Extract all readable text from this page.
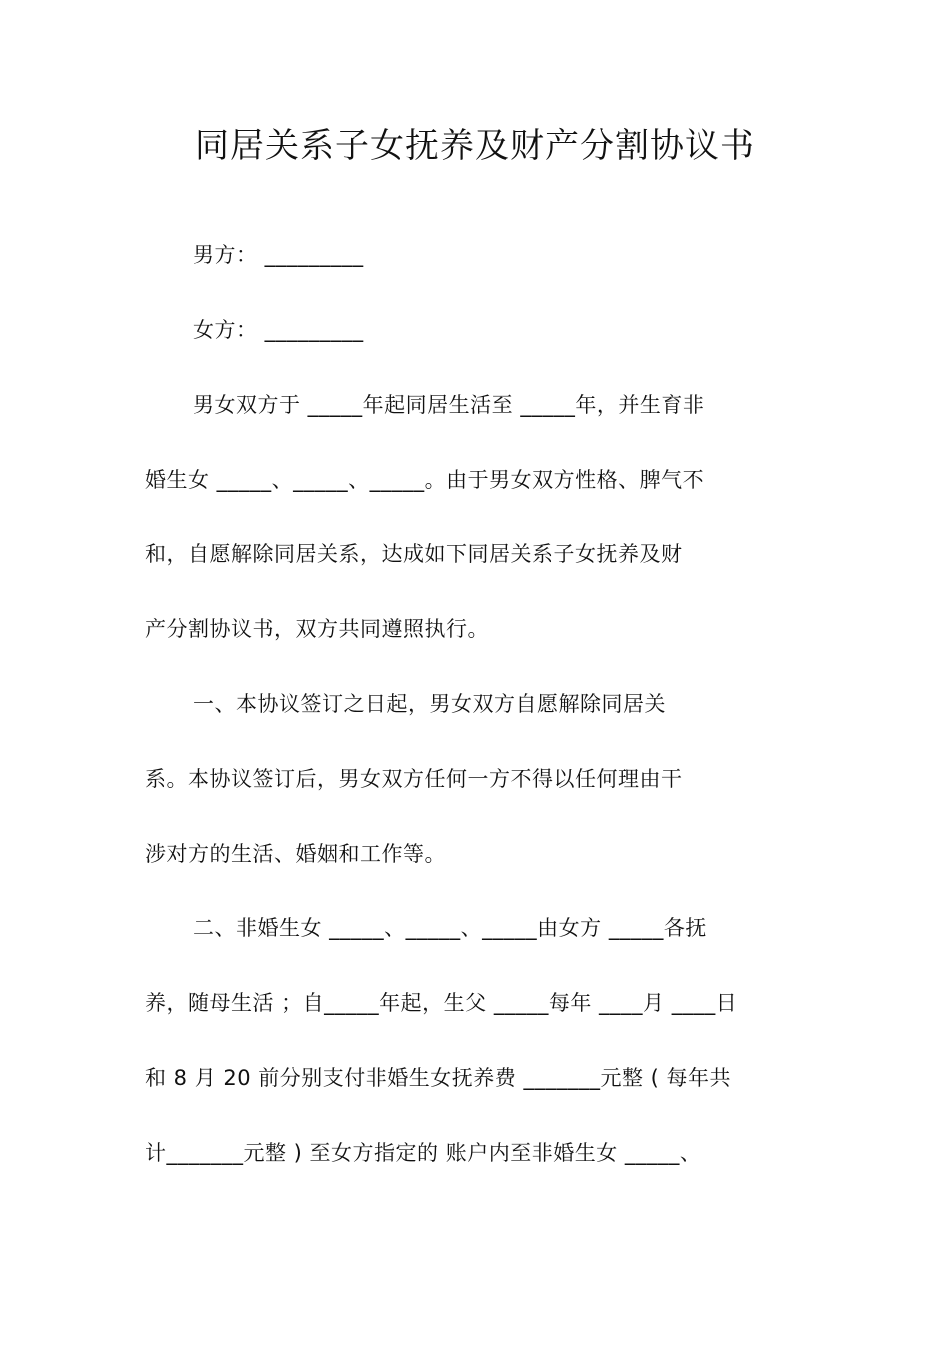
同居关系子女抚养及财产分割协议书
男方： _________
女方： _________
男女双方于 _____年起同居生活至 _____年，并生育非
婚生女 _____、_____、_____。由于男女双方性格、脾气不
和，自愿解除同居关系，达成如下同居关系子女抚养及财
产分割协议书，双方共同遵照执行。
一、本协议签订之日起，男女双方自愿解除同居关
系。本协议签订后，男女双方任何一方不得以任何理由干
涉对方的生活、婚姻和工作等。
二、非婚生女 _____、_____、_____由女方 _____各抚
养，随母生活 ；自_____年起，生父 _____每年 ____月 ____日
和 8 月 20 前分别支付非婚生女抚养费 _______元整 ( 每年共
计_______元整 ) 至女方指定的 账户内至非婚生女 _____、
